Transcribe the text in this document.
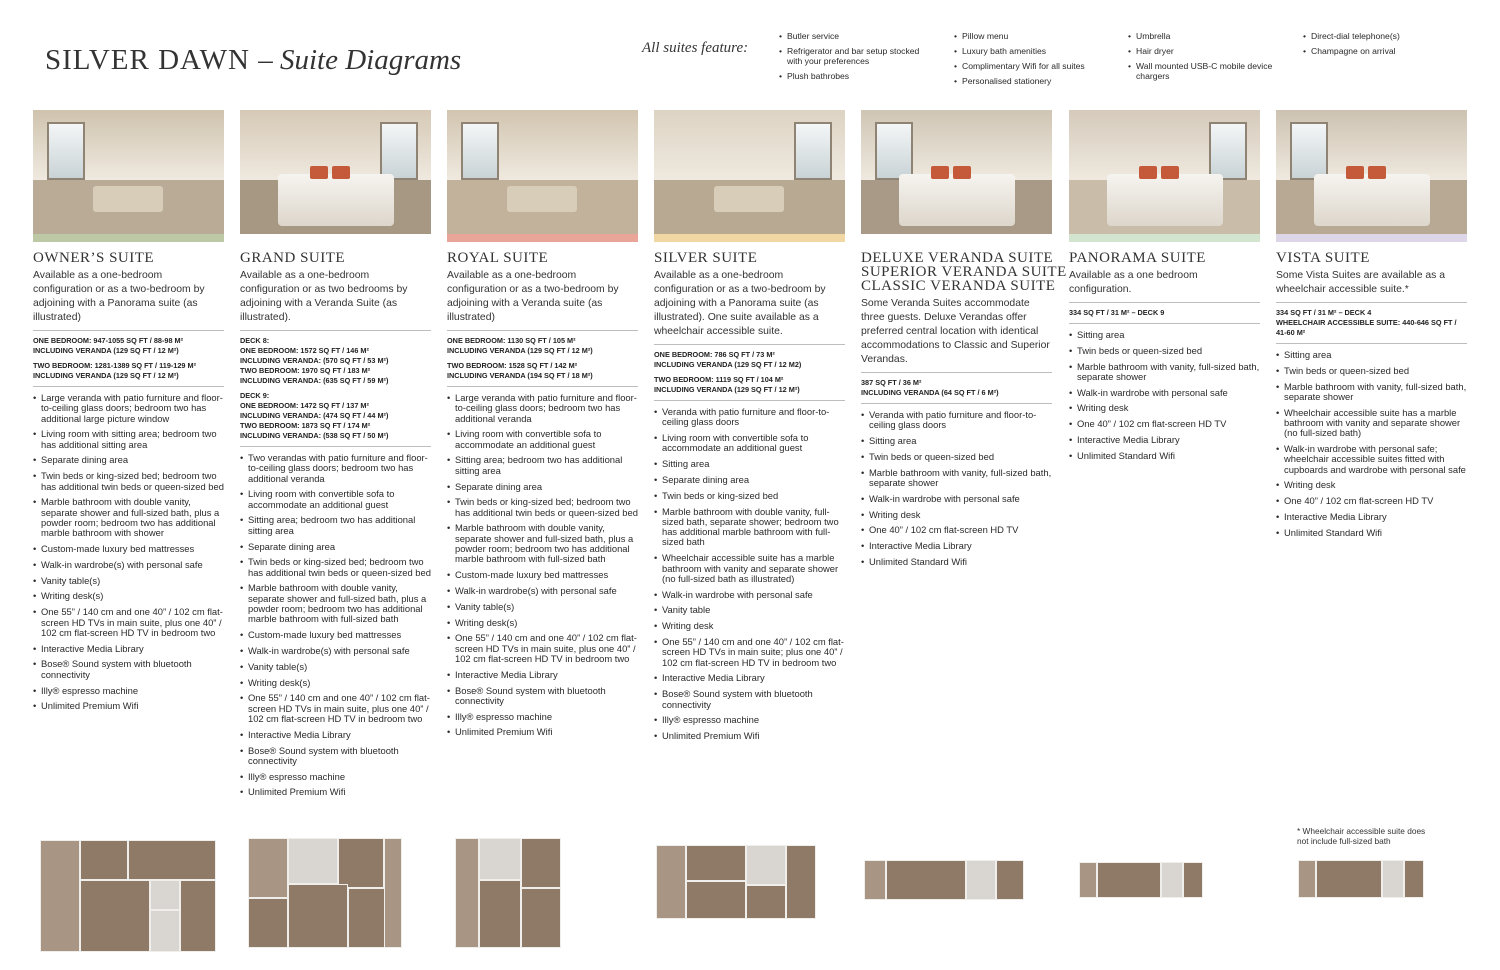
SILVER DAWN – Suite Diagrams	All suites feature:
• Butler service
• Refrigerator and bar setup stocked with your preferences
• Plush bathrobes
• Pillow menu
• Luxury bath amenities
• Complimentary Wifi for all suites
• Personalised stationery
• Umbrella
• Hair dryer
• Wall mounted USB-C mobile device chargers
• Direct-dial telephone(s)
• Champagne on arrival
OWNER’S SUITE
Available as a one-bedroom configuration or as a two-bedroom by adjoining with a Panorama suite (as illustrated)
ONE BEDROOM: 947-1055 SQ FT / 88-98 M²
INCLUDING VERANDA (129 SQ FT / 12 M²)
TWO BEDROOM: 1281-1389 SQ FT / 119-129 M²
INCLUDING VERANDA (129 SQ FT / 12 M²)
• Large veranda with patio furniture and floor-to-ceiling glass doors; bedroom two has additional large picture window
• Living room with sitting area; bedroom two has additional sitting area
• Separate dining area
• Twin beds or king-sized bed; bedroom two has additional twin beds or queen-sized bed
• Marble bathroom with double vanity, separate shower and full-sized bath, plus a powder room; bedroom two has additional marble bathroom with shower
• Custom-made luxury bed mattresses
• Walk-in wardrobe(s) with personal safe
• Vanity table(s)
• Writing desk(s)
• One 55” / 140 cm and one 40” / 102 cm flat-screen HD TVs in main suite, plus one 40” / 102 cm flat-screen HD TV in bedroom two
• Interactive Media Library
• Bose® Sound system with bluetooth connectivity
• Illy® espresso machine
• Unlimited Premium Wifi
GRAND SUITE
Available as a one-bedroom configuration or as two bedrooms by adjoining with a Veranda Suite (as illustrated).
DECK 8:
ONE BEDROOM: 1572 SQ FT / 146 M²
INCLUDING VERANDA: (570 SQ FT / 53 M²)
TWO BEDROOM: 1970 SQ FT / 183 M²
INCLUDING VERANDA: (635 SQ FT / 59 M²)
DECK 9:
ONE BEDROOM: 1472 SQ FT / 137 M²
INCLUDING VERANDA: (474 SQ FT / 44 M²)
TWO BEDROOM: 1873 SQ FT / 174 M²
INCLUDING VERANDA: (538 SQ FT / 50 M²)
• Two verandas with patio furniture and floor-to-ceiling glass doors; bedroom two has additional veranda
• Living room with convertible sofa to accommodate an additional guest
• Sitting area; bedroom two has additional sitting area
• Separate dining area
• Twin beds or king-sized bed; bedroom two has additional twin beds or queen-sized bed
• Marble bathroom with double vanity, separate shower and full-sized bath, plus a powder room; bedroom two has additional marble bathroom with full-sized bath
• Custom-made luxury bed mattresses
• Walk-in wardrobe(s) with personal safe
• Vanity table(s)
• Writing desk(s)
• One 55” / 140 cm and one 40” / 102 cm flat-screen HD TVs in main suite, plus one 40” / 102 cm flat-screen HD TV in bedroom two
• Interactive Media Library
• Bose® Sound system with bluetooth connectivity
• Illy® espresso machine
• Unlimited Premium Wifi
ROYAL SUITE
Available as a one-bedroom configuration or as a two-bedroom by adjoining with a Veranda suite (as illustrated)
ONE BEDROOM: 1130 SQ FT / 105 M²
INCLUDING VERANDA (129 SQ FT / 12 M²)
TWO BEDROOM: 1528 SQ FT / 142 M²
INCLUDING VERANDA (194 SQ FT / 18 M²)
• Large veranda with patio furniture and floor-to-ceiling glass doors; bedroom two has additional veranda
• Living room with convertible sofa to accommodate an additional guest
• Sitting area; bedroom two has additional sitting area
• Separate dining area
• Twin beds or king-sized bed; bedroom two has additional twin beds or queen-sized bed
• Marble bathroom with double vanity, separate shower and full-sized bath, plus a powder room; bedroom two has additional marble bathroom with full-sized bath
• Custom-made luxury bed mattresses
• Walk-in wardrobe(s) with personal safe
• Vanity table(s)
• Writing desk(s)
• One 55” / 140 cm and one 40” / 102 cm flat-screen HD TVs in main suite, plus one 40” / 102 cm flat-screen HD TV in bedroom two
• Interactive Media Library
• Bose® Sound system with bluetooth connectivity
• Illy® espresso machine
• Unlimited Premium Wifi
SILVER SUITE
Available as a one-bedroom configuration or as a two-bedroom by adjoining with a Panorama suite (as illustrated). One suite available as a wheelchair accessible suite.
ONE BEDROOM: 786 SQ FT / 73 M²
INCLUDING VERANDA (129 SQ FT / 12 M2)
TWO BEDROOM: 1119 SQ FT / 104 M²
INCLUDING VERANDA (129 SQ FT / 12 M²)
• Veranda with patio furniture and floor-to-ceiling glass doors
• Living room with convertible sofa to accommodate an additional guest
• Sitting area
• Separate dining area
• Twin beds or king-sized bed
• Marble bathroom with double vanity, full-sized bath, separate shower; bedroom two has additional marble bathroom with full-sized bath
• Wheelchair accessible suite has a marble bathroom with vanity and separate shower (no full-sized bath as illustrated)
• Walk-in wardrobe with personal safe
• Vanity table
• Writing desk
• One 55” / 140 cm and one 40” / 102 cm flat-screen HD TVs in main suite; plus one 40” / 102 cm flat-screen HD TV in bedroom two
• Interactive Media Library
• Bose® Sound system with bluetooth connectivity
• Illy® espresso machine
• Unlimited Premium Wifi
DELUXE VERANDA SUITE
SUPERIOR VERANDA SUITE
CLASSIC VERANDA SUITE
Some Veranda Suites accommodate three guests. Deluxe Verandas offer preferred central location with identical accommodations to Classic and Superior Verandas.
387 SQ FT / 36 M²
INCLUDING VERANDA (64 SQ FT / 6 M²)
• Veranda with patio furniture and floor-to-ceiling glass doors
• Sitting area
• Twin beds or queen-sized bed
• Marble bathroom with vanity, full-sized bath, separate shower
• Walk-in wardrobe with personal safe
• Writing desk
• One 40” / 102 cm flat-screen HD TV
• Interactive Media Library
• Unlimited Standard Wifi
PANORAMA SUITE
Available as a one bedroom configuration.
334 SQ FT / 31 M² – DECK 9
• Sitting area
• Twin beds or queen-sized bed
• Marble bathroom with vanity, full-sized bath, separate shower
• Walk-in wardrobe with personal safe
• Writing desk
• One 40” / 102 cm flat-screen HD TV
• Interactive Media Library
• Unlimited Standard Wifi
VISTA SUITE
Some Vista Suites are available as a wheelchair accessible suite.*
334 SQ FT / 31 M² – DECK 4
WHEELCHAIR ACCESSIBLE SUITE: 440-646 SQ FT / 41-60 M²
• Sitting area
• Twin beds or queen-sized bed
• Marble bathroom with vanity, full-sized bath, separate shower
• Wheelchair accessible suite has a marble bathroom with vanity and separate shower (no full-sized bath)
• Walk-in wardrobe with personal safe; wheelchair accessible suites fitted with cupboards and wardrobe with personal safe
• Writing desk
• One 40” / 102 cm flat-screen HD TV
• Interactive Media Library
• Unlimited Standard Wifi
* Wheelchair accessible suite does not include full-sized bath
